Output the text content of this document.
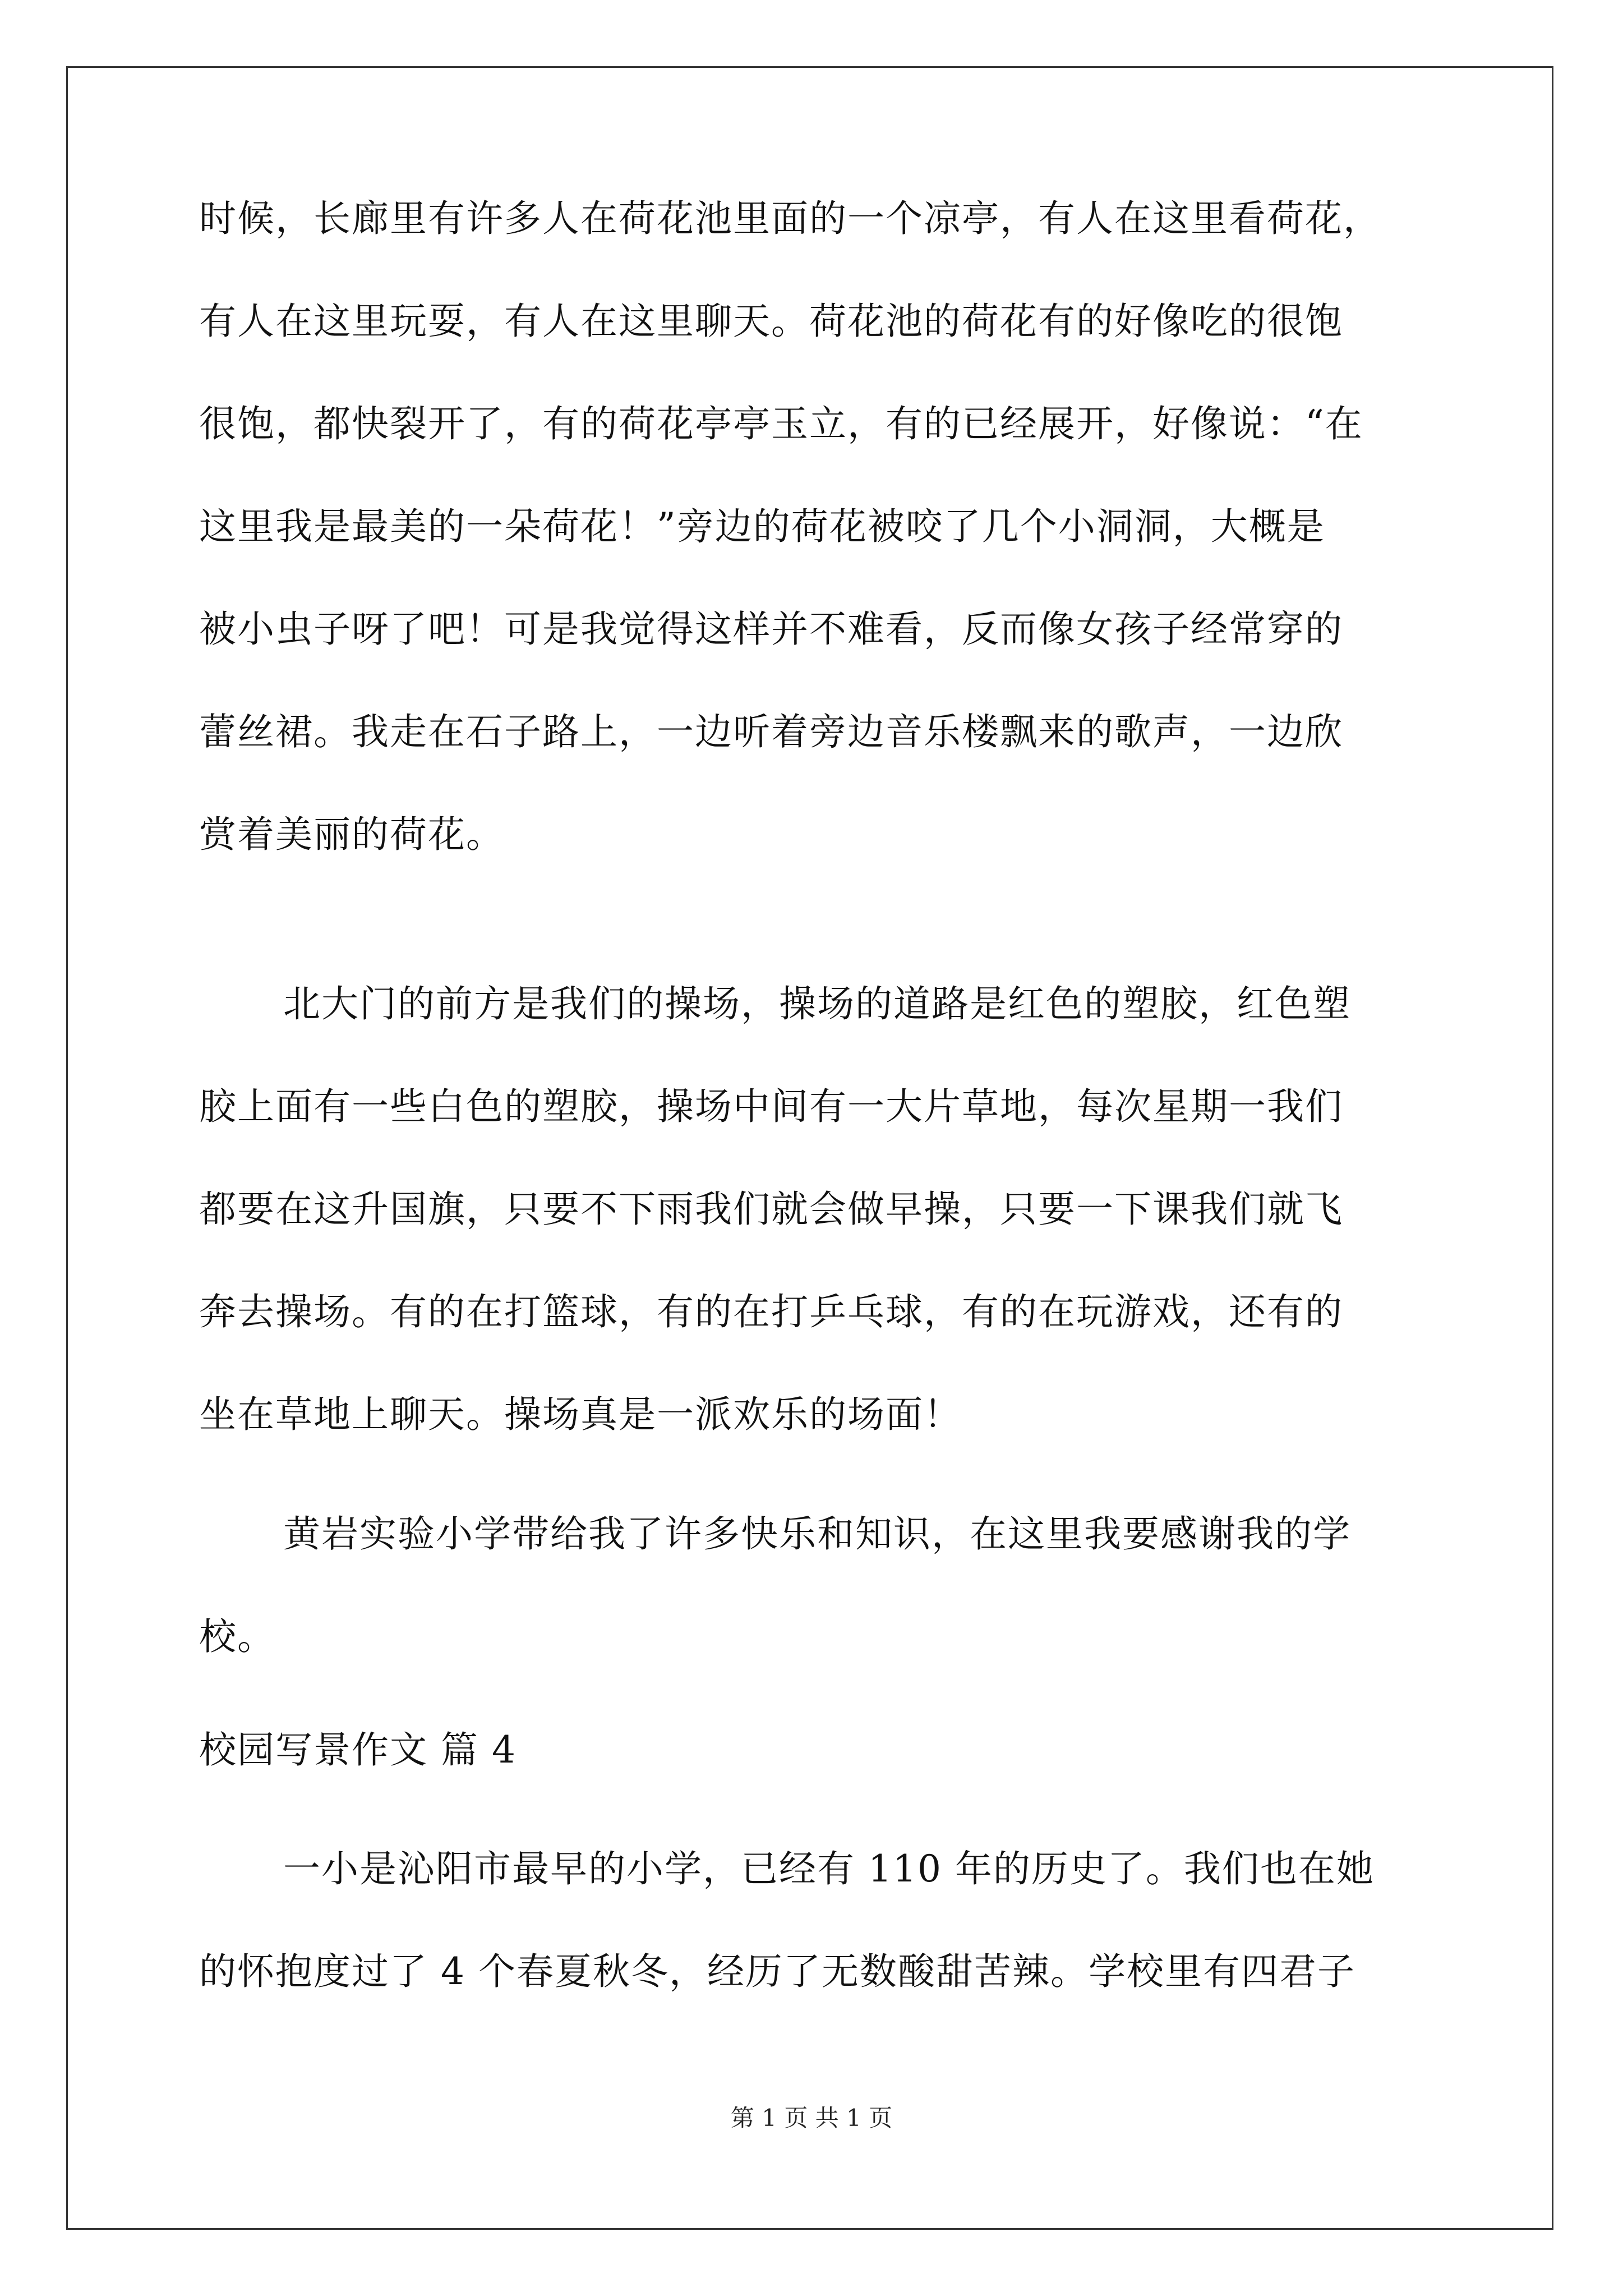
时候，长廊里有许多人在荷花池里面的一个凉亭，有人在这里看荷花，
有人在这里玩耍，有人在这里聊天。荷花池的荷花有的好像吃的很饱
很饱，都快裂开了，有的荷花亭亭玉立，有的已经展开，好像说：“在
这里我是最美的一朵荷花！”旁边的荷花被咬了几个小洞洞，大概是
被小虫子呀了吧！可是我觉得这样并不难看，反而像女孩子经常穿的
蕾丝裙。我走在石子路上，一边听着旁边音乐楼飘来的歌声，一边欣
赏着美丽的荷花。
北大门的前方是我们的操场，操场的道路是红色的塑胶，红色塑
胶上面有一些白色的塑胶，操场中间有一大片草地，每次星期一我们
都要在这升国旗，只要不下雨我们就会做早操，只要一下课我们就飞
奔去操场。有的在打篮球，有的在打乒乓球，有的在玩游戏，还有的
坐在草地上聊天。操场真是一派欢乐的场面！
黄岩实验小学带给我了许多快乐和知识，在这里我要感谢我的学
校。
校园写景作文 篇 4
一小是沁阳市最早的小学，已经有 110 年的历史了。我们也在她
的怀抱度过了 4 个春夏秋冬，经历了无数酸甜苦辣。学校里有四君子
第 1 页 共 1 页
